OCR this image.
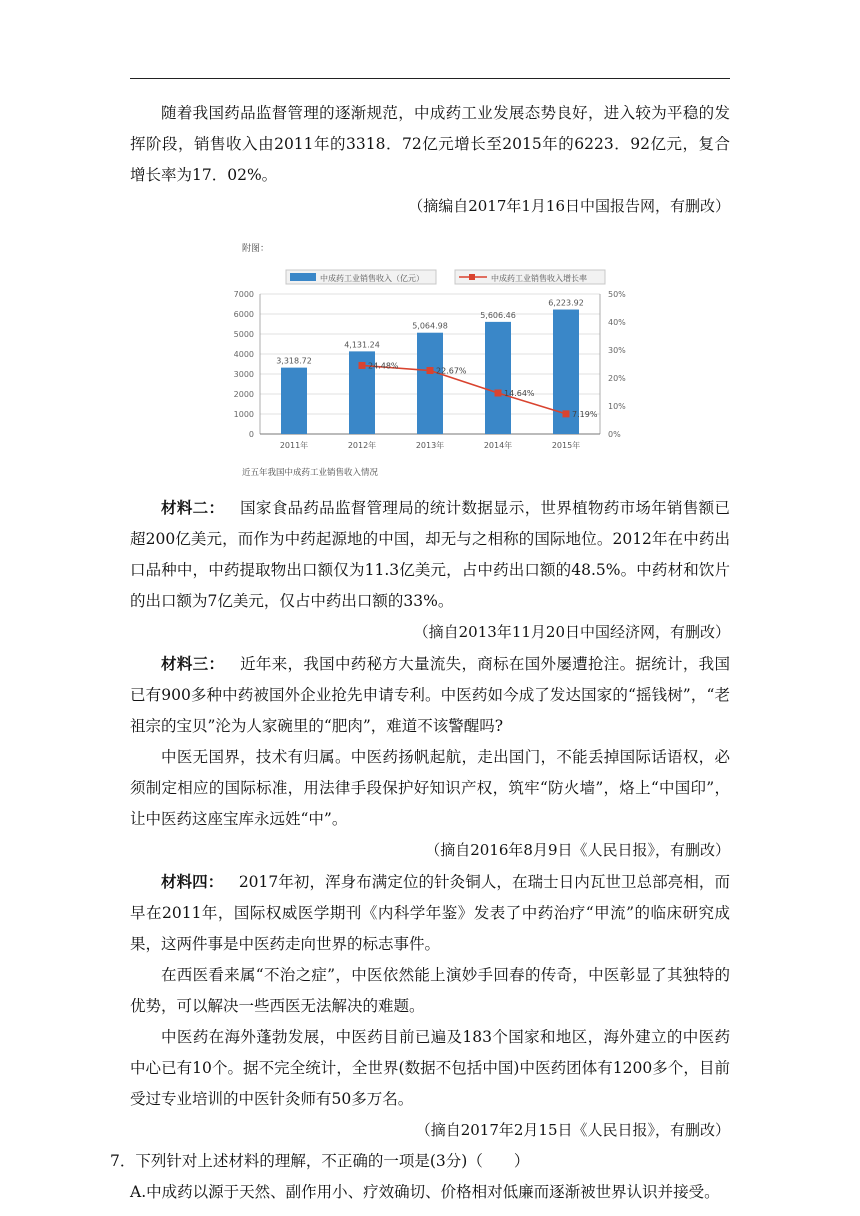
随着我国药品监督管理的逐渐规范，中成药工业发展态势良好，进入较为平稳的发挥阶段，销售收入由2011年的3318．72亿元增长至2015年的6223．92亿元，复合增长率为17．02%。

（摘编自2017年1月16日中国报告网，有删改）

附图：
中成药工业销售收入（亿元）	中成药工业销售收入增长率
0
1000
2000
3000
4000
5000
6000
7000
0%
10%
20%
30%
40%
50%
3,318.72
4,131.24
5,064.98
5,606.46
6,223.92
2011年	2012年	2013年	2014年	2015年
24.48%
22.67%
14.64%
7.19%
近五年我国中成药工业销售收入情况

材料二：  国家食品药品监督管理局的统计数据显示，世界植物药市场年销售额已超200亿美元，而作为中药起源地的中国，却无与之相称的国际地位。2012年在中药出口品种中，中药提取物出口额仅为11.3亿美元，占中药出口额的48.5%。中药材和饮片的出口额为7亿美元，仅占中药出口额的33%。

（摘自2013年11月20日中国经济网，有删改）

材料三：  近年来，我国中药秘方大量流失，商标在国外屡遭抢注。据统计，我国已有900多种中药被国外企业抢先申请专利。中医药如今成了发达国家的“摇钱树”，“老祖宗的宝贝”沦为人家碗里的“肥肉”，难道不该警醒吗?

中医无国界，技术有归属。中医药扬帆起航，走出国门，不能丢掉国际话语权，必须制定相应的国际标准，用法律手段保护好知识产权，筑牢“防火墙”，烙上“中国印”，让中医药这座宝库永远姓“中”。

（摘自2016年8月9日《人民日报》，有删改）

材料四：  2017年初，浑身布满定位的针灸铜人，在瑞士日内瓦世卫总部亮相，而早在2011年，国际权威医学期刊《内科学年鉴》发表了中药治疗“甲流”的临床研究成果，这两件事是中医药走向世界的标志事件。

在西医看来属“不治之症”，中医依然能上演妙手回春的传奇，中医彰显了其独特的优势，可以解决一些西医无法解决的难题。

中医药在海外蓬勃发展，中医药目前已遍及183个国家和地区，海外建立的中医药中心已有10个。据不完全统计，全世界(数据不包括中国)中医药团体有1200多个，目前受过专业培训的中医针灸师有50多万名。

（摘自2017年2月15日《人民日报》，有删改）

7．下列针对上述材料的理解，不正确的一项是(3分)（　　）

A.中成药以源于天然、副作用小、疗效确切、价格相对低廉而逐渐被世界认识并接受。
